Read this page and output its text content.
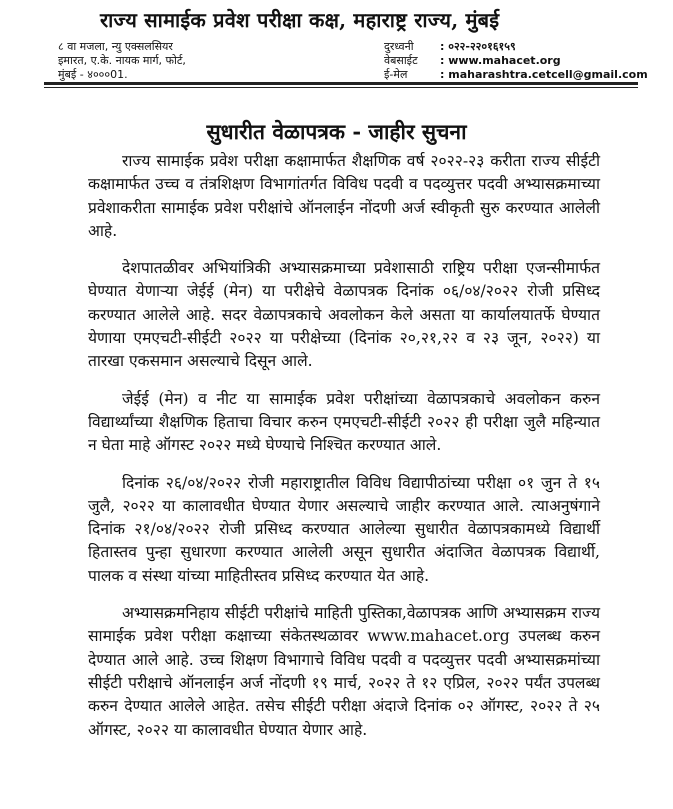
राज्य सामाईक प्रवेश परीक्षा कक्ष, महाराष्ट्र राज्य, मुंबई
८ वा मजला, न्यु एक्सलसियर
इमारत, ए.के. नायक मार्ग, फोर्ट,
मुंबई - ४०००01.
दुरध्वनी	: ०२२-२२०१६१५९
वेबसाईट	: www.mahacet.org
ई-मेल	: maharashtra.cetcell@gmail.com
सुधारीत वेळापत्रक - जाहीर सुचना

राज्य सामाईक प्रवेश परीक्षा कक्षामार्फत शैक्षणिक वर्ष २०२२-२३ करीता राज्य सीईटी कक्षामार्फत उच्च व तंत्रशिक्षण विभागांतर्गत विविध पदवी व पदव्युत्तर पदवी अभ्यासक्रमाच्या प्रवेशाकरीता सामाईक प्रवेश परीक्षांचे ऑनलाईन नोंदणी अर्ज स्वीकृती सुरु करण्यात आलेली आहे.

देशपातळीवर अभियांत्रिकी अभ्यासक्रमाच्या प्रवेशासाठी राष्ट्रिय परीक्षा एजन्सीमार्फत घेण्यात येणाऱ्या जेईई (मेन) या परीक्षेचे वेळापत्रक दिनांक ०६/०४/२०२२ रोजी प्रसिध्द करण्यात आलेले आहे. सदर वेळापत्रकाचे अवलोकन केले असता या कार्यालयातर्फे घेण्यात येणाया एमएचटी-सीईटी २०२२ या परीक्षेच्या (दिनांक २०,२१,२२ व २३ जून, २०२२) या तारखा एकसमान असल्याचे दिसून आले.

जेईई (मेन) व नीट या सामाईक प्रवेश परीक्षांच्या वेळापत्रकाचे अवलोकन करुन विद्यार्थ्यांच्या शैक्षणिक हिताचा विचार करुन एमएचटी-सीईटी २०२२ ही परीक्षा जुलै महिन्यात न घेता माहे ऑगस्ट २०२२ मध्ये घेण्याचे निश्चित करण्यात आले.

दिनांक २६/०४/२०२२ रोजी महाराष्ट्रातील विविध विद्यापीठांच्या परीक्षा ०१ जुन ते १५ जुलै, २०२२ या कालावधीत घेण्यात येणार असल्याचे जाहीर करण्यात आले. त्याअनुषंगाने दिनांक २१/०४/२०२२ रोजी प्रसिध्द करण्यात आलेल्या सुधारीत वेळापत्रकामध्ये विद्यार्थी हितास्तव पुन्हा सुधारणा करण्यात आलेली असून सुधारीत अंदाजित वेळापत्रक विद्यार्थी, पालक व संस्था यांच्या माहितीस्तव प्रसिध्द करण्यात येत आहे.

अभ्यासक्रमनिहाय सीईटी परीक्षांचे माहिती पुस्तिका,वेळापत्रक आणि अभ्यासक्रम राज्य सामाईक प्रवेश परीक्षा कक्षाच्या संकेतस्थळावर www.mahacet.org उपलब्ध करुन देण्यात आले आहे. उच्च शिक्षण विभागाचे विविध पदवी व पदव्युत्तर पदवी अभ्यासक्रमांच्या सीईटी परीक्षाचे ऑनलाईन अर्ज नोंदणी १९ मार्च, २०२२ ते १२ एप्रिल, २०२२ पर्यंत उपलब्ध करुन देण्यात आलेले आहेत. तसेच सीईटी परीक्षा अंदाजे दिनांक ०२ ऑगस्ट, २०२२ ते २५ ऑगस्ट, २०२२ या कालावधीत घेण्यात येणार आहे.
